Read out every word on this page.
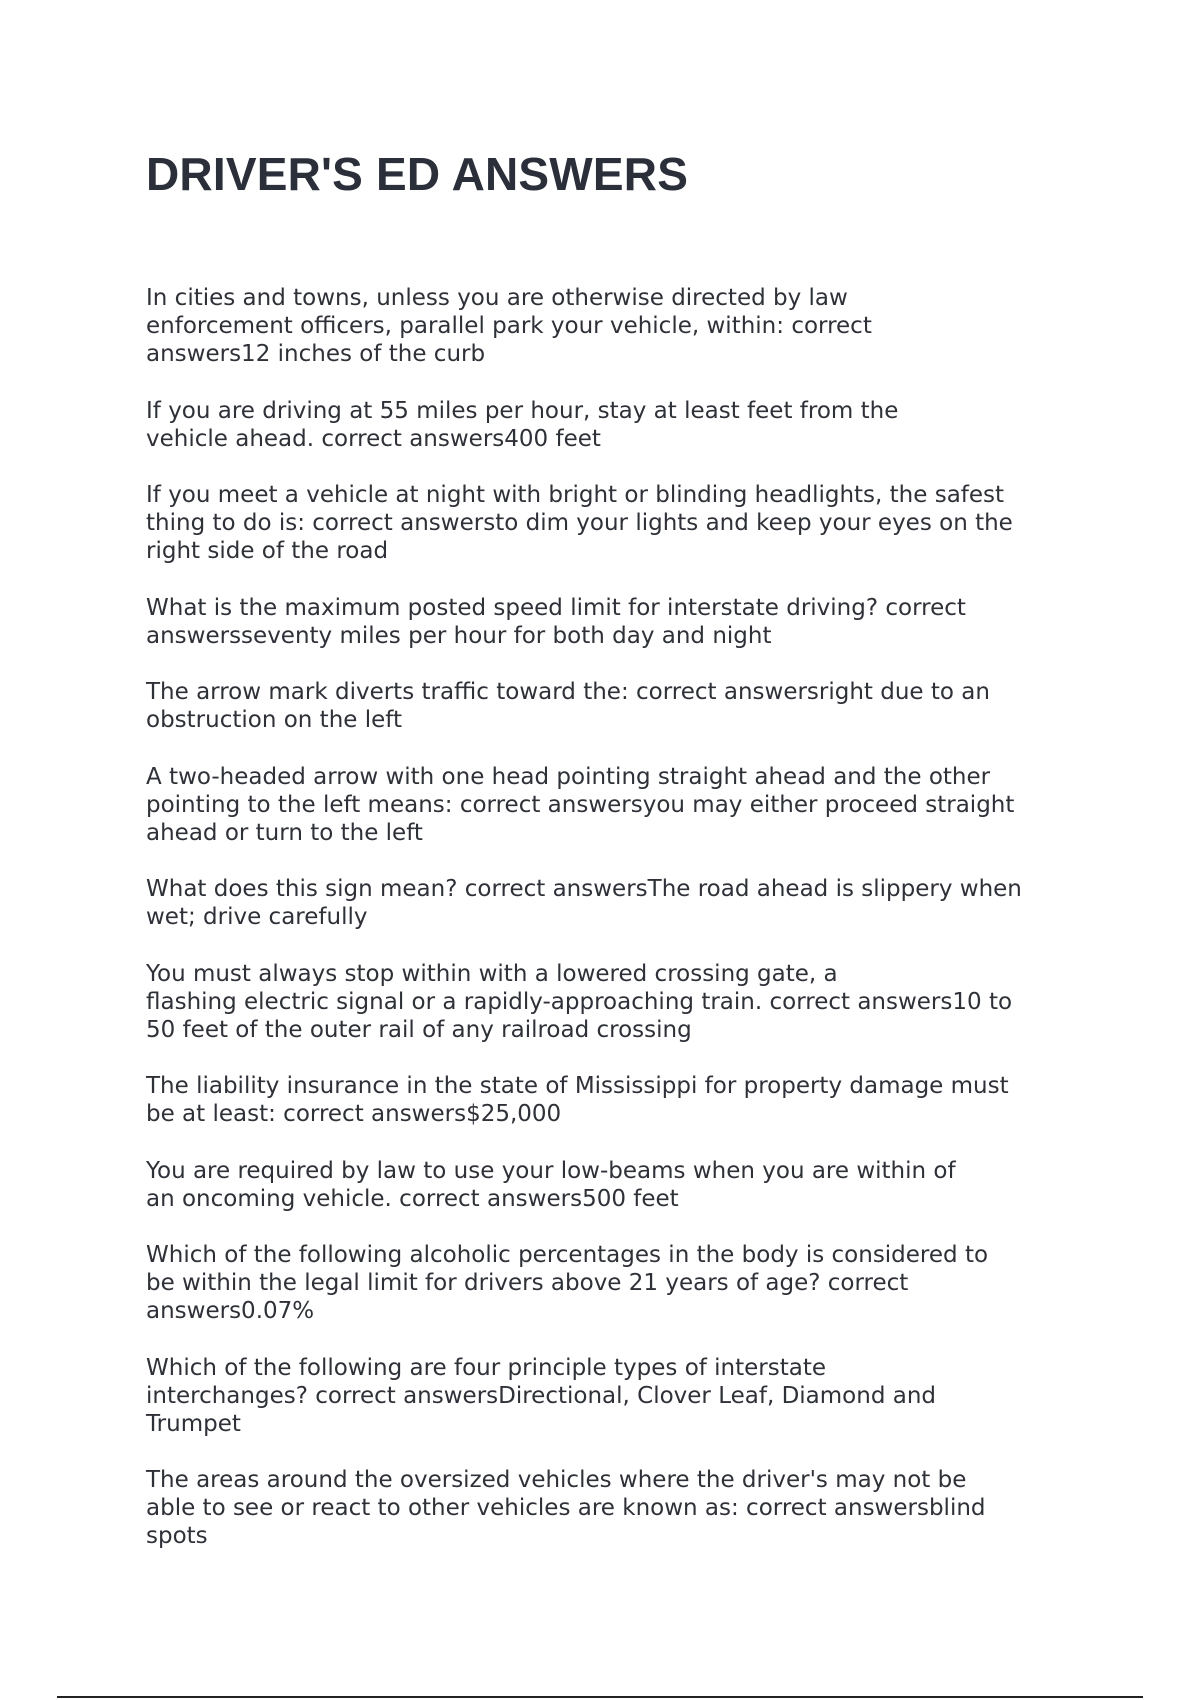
DRIVER'S ED ANSWERS
In cities and towns, unless you are otherwise directed by law
enforcement officers, parallel park your vehicle, within: correct
answers12 inches of the curb
If you are driving at 55 miles per hour, stay at least feet from the
vehicle ahead. correct answers400 feet
If you meet a vehicle at night with bright or blinding headlights, the safest
thing to do is: correct answersto dim your lights and keep your eyes on the
right side of the road
What is the maximum posted speed limit for interstate driving? correct
answersseventy miles per hour for both day and night
The arrow mark diverts traffic toward the: correct answersright due to an
obstruction on the left
A two-headed arrow with one head pointing straight ahead and the other
pointing to the left means: correct answersyou may either proceed straight
ahead or turn to the left
What does this sign mean? correct answersThe road ahead is slippery when
wet; drive carefully
You must always stop within with a lowered crossing gate, a
flashing electric signal or a rapidly-approaching train. correct answers10 to
50 feet of the outer rail of any railroad crossing
The liability insurance in the state of Mississippi for property damage must
be at least: correct answers$25,000
You are required by law to use your low-beams when you are within of
an oncoming vehicle. correct answers500 feet
Which of the following alcoholic percentages in the body is considered to
be within the legal limit for drivers above 21 years of age? correct
answers0.07%
Which of the following are four principle types of interstate
interchanges? correct answersDirectional, Clover Leaf, Diamond and
Trumpet
The areas around the oversized vehicles where the driver's may not be
able to see or react to other vehicles are known as: correct answersblind
spots
